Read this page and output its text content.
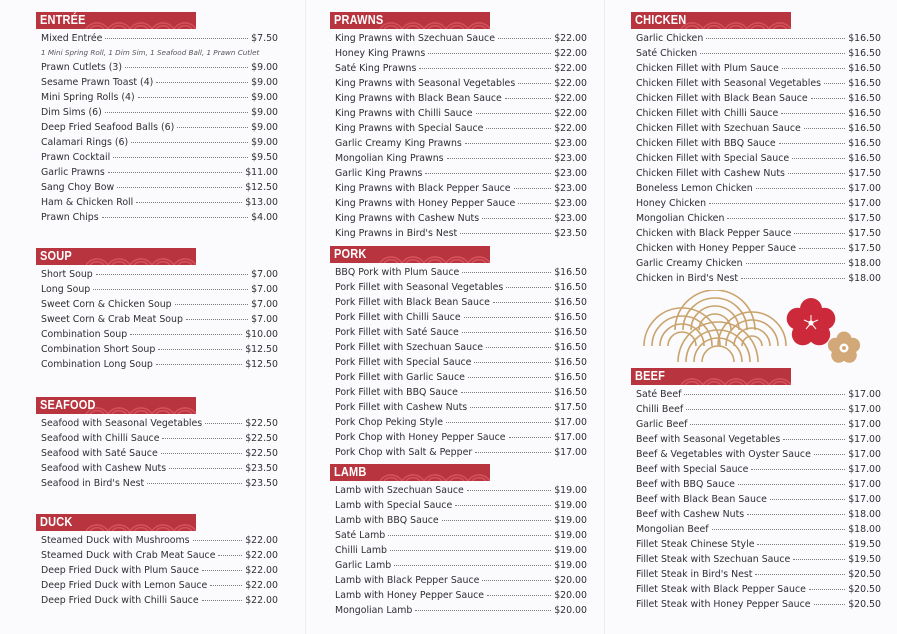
ENTRÉE
Mixed Entrée	$7.50
1 Mini Spring Roll, 1 Dim Sim, 1 Seafood Ball, 1 Prawn Cutlet
Prawn Cutlets (3)	$9.00
Sesame Prawn Toast (4)	$9.00
Mini Spring Rolls (4)	$9.00
Dim Sims (6)	$9.00
Deep Fried Seafood Balls (6)	$9.00
Calamari Rings (6)	$9.00
Prawn Cocktail	$9.50
Garlic Prawns	$11.00
Sang Choy Bow	$12.50
Ham & Chicken Roll	$13.00
Prawn Chips	$4.00
SOUP
Short Soup	$7.00
Long Soup	$7.00
Sweet Corn & Chicken Soup	$7.00
Sweet Corn & Crab Meat Soup	$7.00
Combination Soup	$10.00
Combination Short Soup	$12.50
Combination Long Soup	$12.50
SEAFOOD
Seafood with Seasonal Vegetables	$22.50
Seafood with Chilli Sauce	$22.50
Seafood with Saté Sauce	$22.50
Seafood with Cashew Nuts	$23.50
Seafood in Bird's Nest	$23.50
DUCK
Steamed Duck with Mushrooms	$22.00
Steamed Duck with Crab Meat Sauce	$22.00
Deep Fried Duck with Plum Sauce	$22.00
Deep Fried Duck with Lemon Sauce	$22.00
Deep Fried Duck with Chilli Sauce	$22.00
PRAWNS
King Prawns with Szechuan Sauce	$22.00
Honey King Prawns	$22.00
Saté King Prawns	$22.00
King Prawns with Seasonal Vegetables	$22.00
King Prawns with Black Bean Sauce	$22.00
King Prawns with Chilli Sauce	$22.00
King Prawns with Special Sauce	$22.00
Garlic Creamy King Prawns	$23.00
Mongolian King Prawns	$23.00
Garlic King Prawns	$23.00
King Prawns with Black Pepper Sauce	$23.00
King Prawns with Honey Pepper Sauce	$23.00
King Prawns with Cashew Nuts	$23.00
King Prawns in Bird's Nest	$23.50
PORK
BBQ Pork with Plum Sauce	$16.50
Pork Fillet with Seasonal Vegetables	$16.50
Pork Fillet with Black Bean Sauce	$16.50
Pork Fillet with Chilli Sauce	$16.50
Pork Fillet with Saté Sauce	$16.50
Pork Fillet with Szechuan Sauce	$16.50
Pork Fillet with Special Sauce	$16.50
Pork Fillet with Garlic Sauce	$16.50
Pork Fillet with BBQ Sauce	$16.50
Pork Fillet with Cashew Nuts	$17.50
Pork Chop Peking Style	$17.00
Pork Chop with Honey Pepper Sauce	$17.00
Pork Chop with Salt & Pepper	$17.00
LAMB
Lamb with Szechuan Sauce	$19.00
Lamb with Special Sauce	$19.00
Lamb with BBQ Sauce	$19.00
Saté Lamb	$19.00
Chilli Lamb	$19.00
Garlic Lamb	$19.00
Lamb with Black Pepper Sauce	$20.00
Lamb with Honey Pepper Sauce	$20.00
Mongolian Lamb	$20.00
CHICKEN
Garlic Chicken	$16.50
Saté Chicken	$16.50
Chicken Fillet with Plum Sauce	$16.50
Chicken Fillet with Seasonal Vegetables	$16.50
Chicken Fillet with Black Bean Sauce	$16.50
Chicken Fillet with Chilli Sauce	$16.50
Chicken Fillet with Szechuan Sauce	$16.50
Chicken Fillet with BBQ Sauce	$16.50
Chicken Fillet with Special Sauce	$16.50
Chicken Fillet with Cashew Nuts	$17.50
Boneless Lemon Chicken	$17.00
Honey Chicken	$17.00
Mongolian Chicken	$17.50
Chicken with Black Pepper Sauce	$17.50
Chicken with Honey Pepper Sauce	$17.50
Garlic Creamy Chicken	$18.00
Chicken in Bird's Nest	$18.00
BEEF
Saté Beef	$17.00
Chilli Beef	$17.00
Garlic Beef	$17.00
Beef with Seasonal Vegetables	$17.00
Beef & Vegetables with Oyster Sauce	$17.00
Beef with Special Sauce	$17.00
Beef with BBQ Sauce	$17.00
Beef with Black Bean Sauce	$17.00
Beef with Cashew Nuts	$18.00
Mongolian Beef	$18.00
Fillet Steak Chinese Style	$19.50
Fillet Steak with Szechuan Sauce	$19.50
Fillet Steak in Bird's Nest	$20.50
Fillet Steak with Black Pepper Sauce	$20.50
Fillet Steak with Honey Pepper Sauce	$20.50
